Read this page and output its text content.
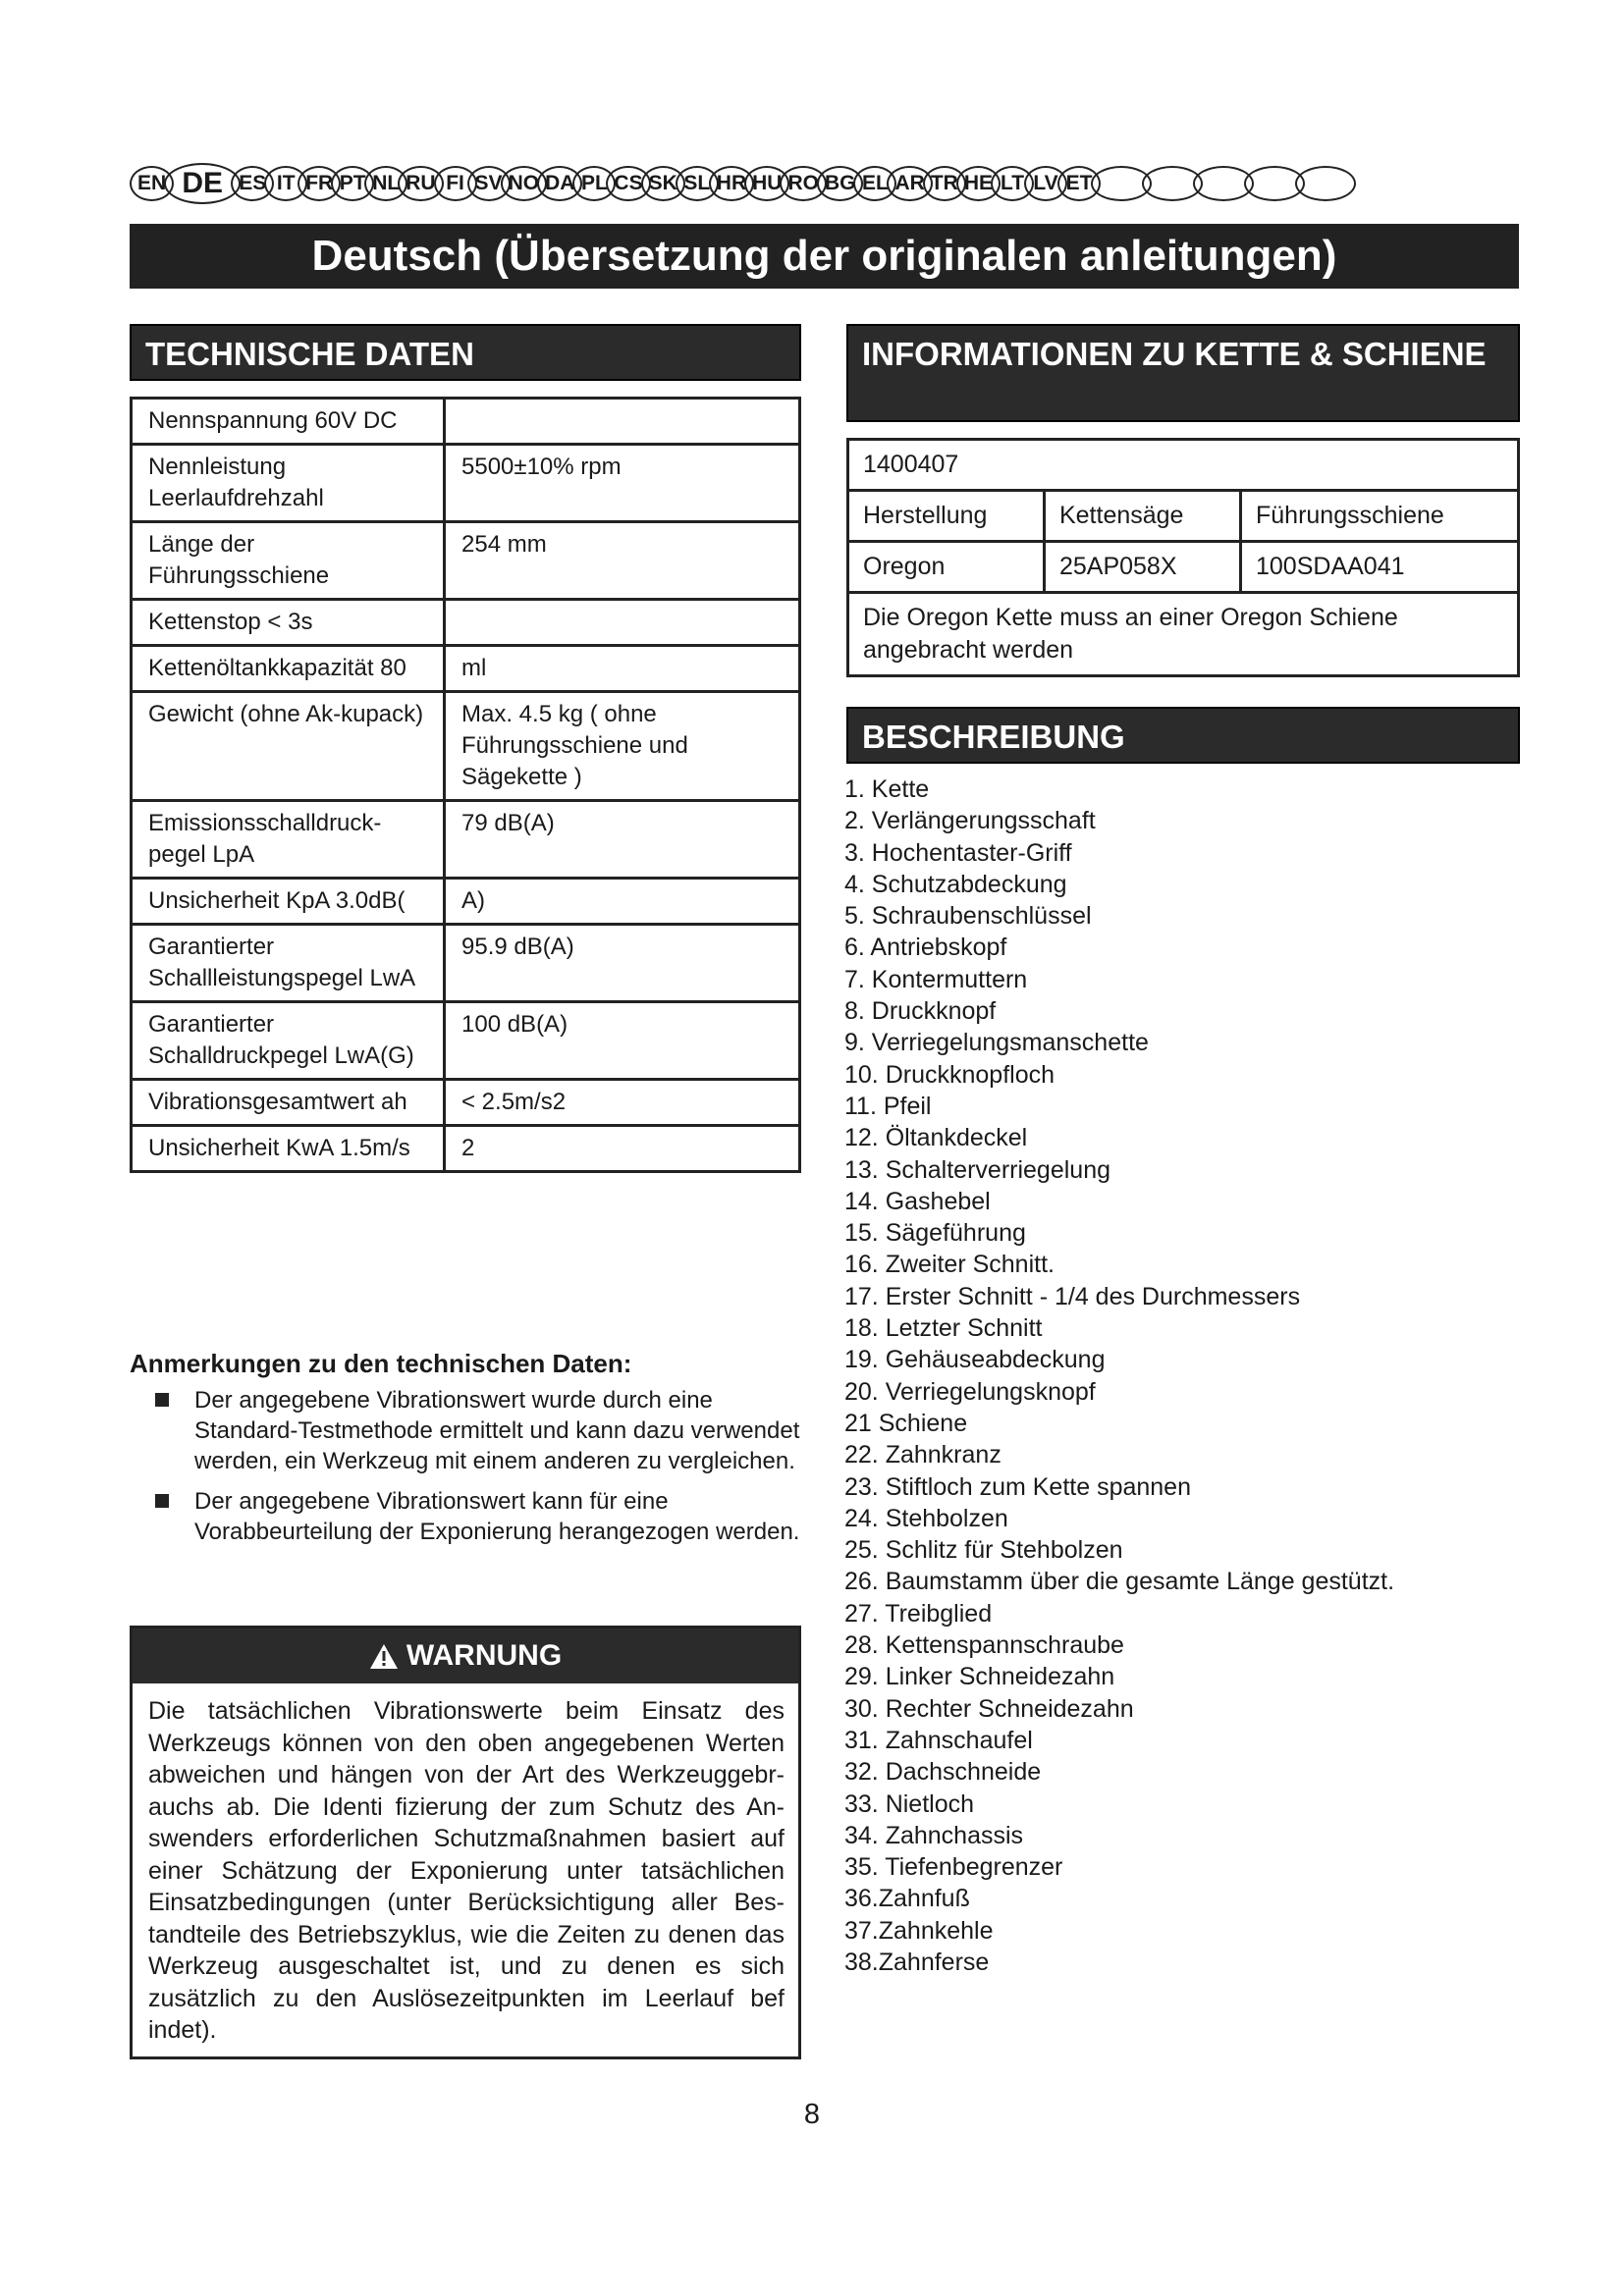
EN DE ES IT FR PT NL RU FI SV NO DA PL CS SK SL HR HU RO BG EL AR TR HE LT LV ET
Deutsch (Übersetzung der originalen anleitungen)
TECHNISCHE DATEN
Nennspannung 60V DC	
Nennleistung Leerlaufdrehzahl	5500±10% rpm
Länge der Führungsschiene	254 mm
Kettenstop < 3s	
Kettenöltankkapazität 80	ml
Gewicht (ohne Ak-kupack)	Max. 4.5 kg ( ohne Führungsschiene und Sägekette )
Emissionsschalldruck-pegel LpA	79 dB(A)
Unsicherheit KpA 3.0dB(	A)
Garantierter Schallleistungspegel LwA	95.9 dB(A)
Garantierter Schalldruckpegel LwA(G)	100 dB(A)
Vibrationsgesamtwert ah	< 2.5m/s2
Unsicherheit KwA 1.5m/s	2
Anmerkungen zu den technischen Daten:
Der angegebene Vibrationswert wurde durch eine Standard-Testmethode ermittelt und kann dazu verwendet werden, ein Werkzeug mit einem anderen zu vergleichen.
Der angegebene Vibrationswert kann für eine Vorabbeurteilung der Exponierung herangezogen werden.
WARNUNG
Die tatsächlichen Vibrationswerte beim Einsatz des Werkzeugs können von den oben angegebenen Werten abweichen und hängen von der Art des Werkzeuggebr-auchs ab. Die Identi fizierung der zum Schutz des An-swenders erforderlichen Schutzmaßnahmen basiert auf einer Schätzung der Exponierung unter tatsächlichen Einsatzbedingungen (unter Berücksichtigung aller Bes-tandteile des Betriebszyklus, wie die Zeiten zu denen das Werkzeug ausgeschaltet ist, und zu denen es sich zusätzlich zu den Auslösezeitpunkten im Leerlauf bef indet).
INFORMATIONEN ZU KETTE & SCHIENE
1400407		
Herstellung	Kettensäge	Führungsschiene
Oregon	25AP058X	100SDAA041
Die Oregon Kette muss an einer Oregon Schiene angebracht werden		
BESCHREIBUNG
1. Kette
2. Verlängerungsschaft
3. Hochentaster-Griff
4. Schutzabdeckung
5. Schraubenschlüssel
6. Antriebskopf
7. Kontermuttern
8. Druckknopf
9. Verriegelungsmanschette
10. Druckknopfloch
11. Pfeil
12. Öltankdeckel
13. Schalterverriegelung
14. Gashebel
15. Sägeführung
16. Zweiter Schnitt.
17. Erster Schnitt - 1/4 des Durchmessers
18. Letzter Schnitt
19. Gehäuseabdeckung
20. Verriegelungsknopf
21 Schiene
22. Zahnkranz
23. Stiftloch zum Kette spannen
24. Stehbolzen
25. Schlitz für Stehbolzen
26. Baumstamm über die gesamte Länge gestützt.
27. Treibglied
28. Kettenspannschraube
29. Linker Schneidezahn
30. Rechter Schneidezahn
31. Zahnschaufel
32. Dachschneide
33. Nietloch
34. Zahnchassis
35. Tiefenbegrenzer
36.Zahnfuß
37.Zahnkehle
38.Zahnferse
8
